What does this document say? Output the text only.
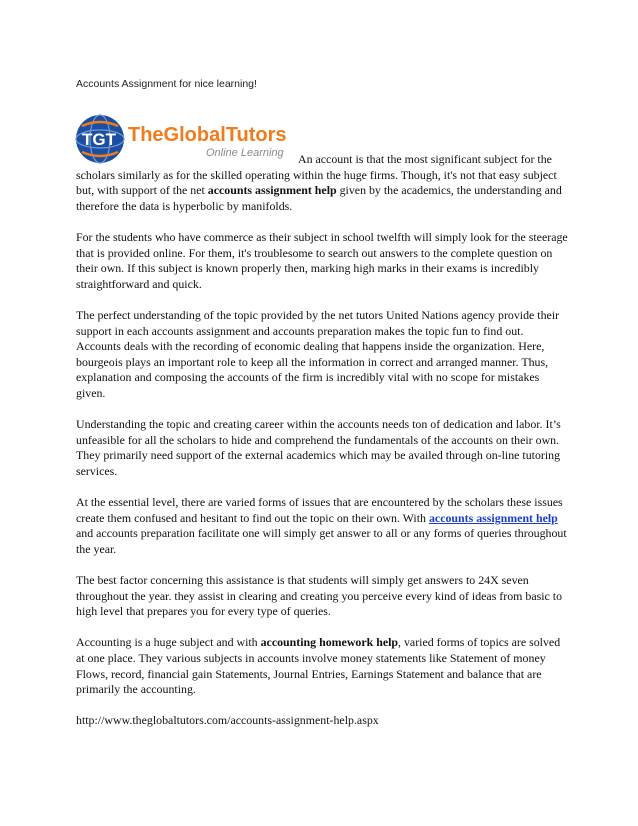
Accounts Assignment for nice learning!
TGT TheGlobalTutors
Online Learning	An account is that the most significant subject for the scholars similarly as for the skilled operating within the huge firms. Though, it's not that easy subject but, with support of the net accounts assignment help given by the academics, the understanding and therefore the data is hyperbolic by manifolds.

For the students who have commerce as their subject in school twelfth will simply look for the steerage that is provided online. For them, it's troublesome to search out answers to the complete question on their own. If this subject is known properly then, marking high marks in their exams is incredibly straightforward and quick.

The perfect understanding of the topic provided by the net tutors United Nations agency provide their support in each accounts assignment and accounts preparation makes the topic fun to find out. Accounts deals with the recording of economic dealing that happens inside the organization. Here, bourgeois plays an important role to keep all the information in correct and arranged manner. Thus, explanation and composing the accounts of the firm is incredibly vital with no scope for mistakes given.

Understanding the topic and creating career within the accounts needs ton of dedication and labor. It’s unfeasible for all the scholars to hide and comprehend the fundamentals of the accounts on their own. They primarily need support of the external academics which may be availed through on-line tutoring services.

At the essential level, there are varied forms of issues that are encountered by the scholars these issues create them confused and hesitant to find out the topic on their own. With accounts assignment help and accounts preparation facilitate one will simply get answer to all or any forms of queries throughout the year.

The best factor concerning this assistance is that students will simply get answers to 24X seven throughout the year. they assist in clearing and creating you perceive every kind of ideas from basic to high level that prepares you for every type of queries.

Accounting is a huge subject and with accounting homework help, varied forms of topics are solved at one place. They various subjects in accounts involve money statements like Statement of money Flows, record, financial gain Statements, Journal Entries, Earnings Statement and balance that are primarily the accounting.

http://www.theglobaltutors.com/accounts-assignment-help.aspx
